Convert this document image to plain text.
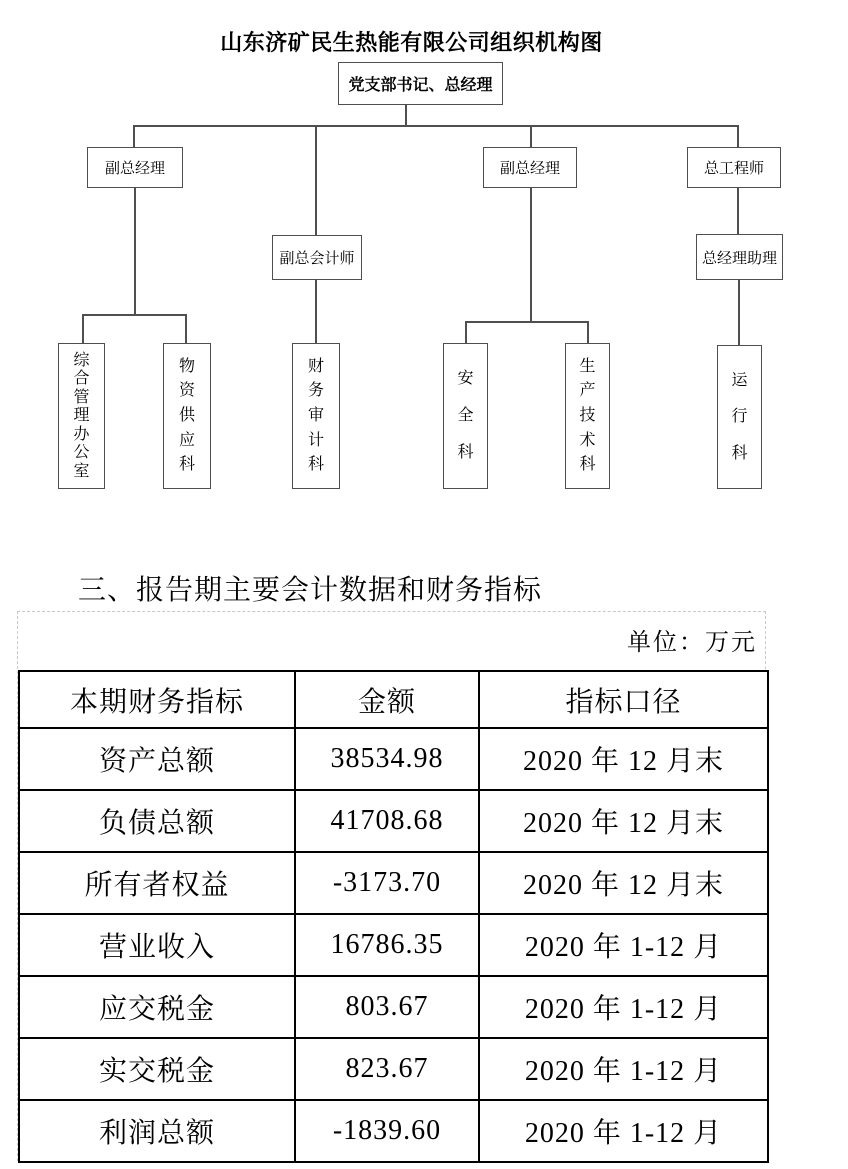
山东济矿民生热能有限公司组织机构图
党支部书记、总经理
副总经理	副总经理	总工程师
副总会计师	总经理助理
综
合
管
理
办
公
室
物
资
供
应
科
财
务
审
计
科
安
全
科
生
产
技
术
科
运
行
科
三、报告期主要会计数据和财务指标
单位：万元
本期财务指标	金额	指标口径
资产总额	38534.98	2020 年 12 月末
负债总额	41708.68	2020 年 12 月末
所有者权益	-3173.70	2020 年 12 月末
营业收入	16786.35	2020 年 1-12 月
应交税金	803.67	2020 年 1-12 月
实交税金	823.67	2020 年 1-12 月
利润总额	-1839.60	2020 年 1-12 月
